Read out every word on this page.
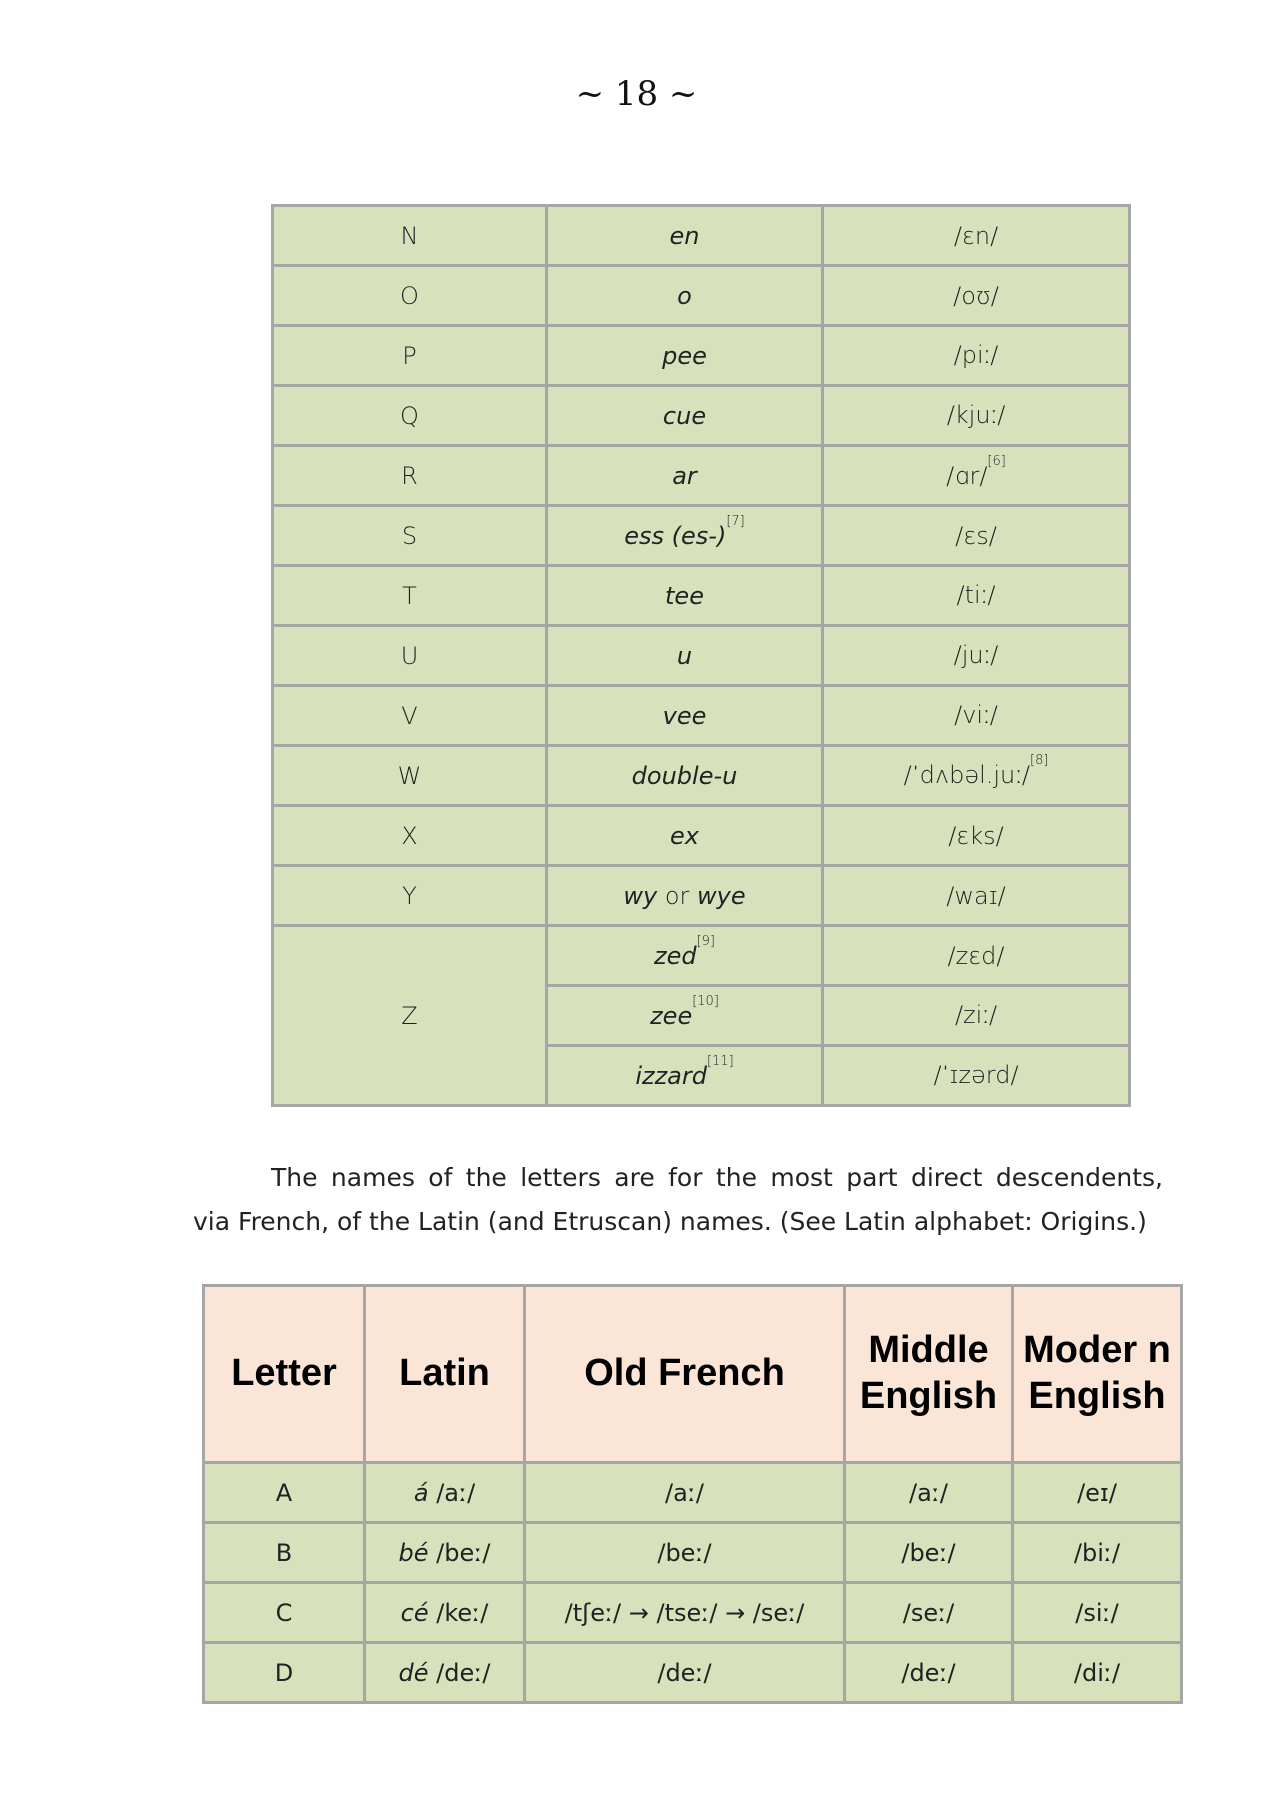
~ 18 ~
N	en	/ɛn/
O	o	/oʊ/
P	pee	/piː/
Q	cue	/kjuː/
R	ar	/ɑr/[6]
S	ess (es-)[7]	/ɛs/
T	tee	/tiː/
U	u	/juː/
V	vee	/viː/
W	double-u	/ˈdʌbəl.juː/[8]
X	ex	/ɛks/
Y	wy or wye	/waɪ/
Z	zed[9]	/zɛd/
	zee[10]	/ziː/
	izzard[11]	/ˈɪzərd/
The names of the letters are for the most part direct descendents,
via French, of the Latin (and Etruscan) names. (See Latin alphabet: Origins.)
Letter	Latin	Old French	Middle English	Moder n English
A	á /aː/	/aː/	/aː/	/eɪ/
B	bé /beː/	/beː/	/beː/	/biː/
C	cé /keː/	/tʃeː/ → /tseː/ → /seː/	/seː/	/siː/
D	dé /deː/	/deː/	/deː/	/diː/
